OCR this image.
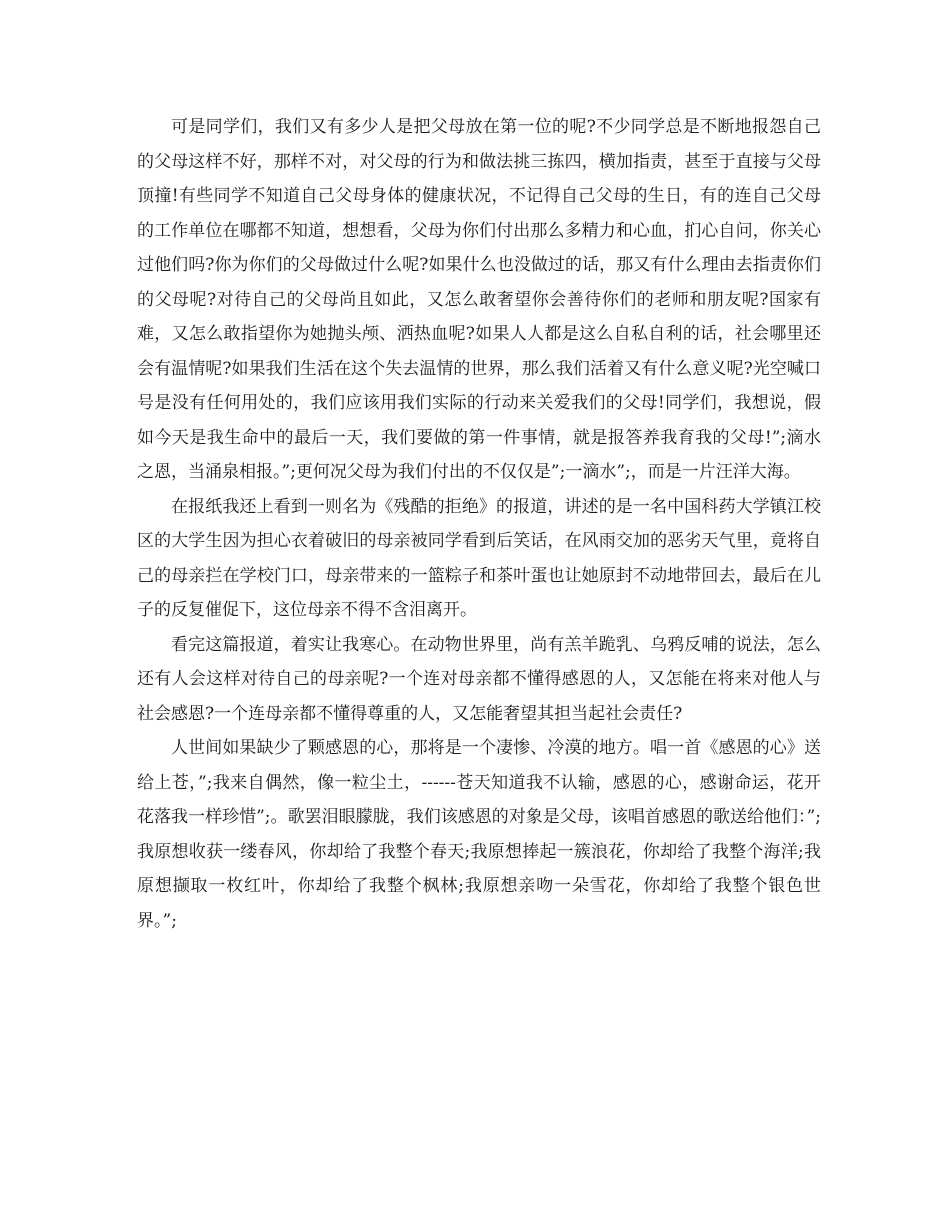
可是同学们，我们又有多少人是把父母放在第一位的呢?不少同学总是不断地报怨自己的父母这样不好，那样不对，对父母的行为和做法挑三拣四，横加指责，甚至于直接与父母顶撞!有些同学不知道自己父母身体的健康状况，不记得自己父母的生日，有的连自己父母的工作单位在哪都不知道，想想看，父母为你们付出那么多精力和心血，扪心自问，你关心过他们吗?你为你们的父母做过什么呢?如果什么也没做过的话，那又有什么理由去指责你们的父母呢?对待自己的父母尚且如此，又怎么敢奢望你会善待你们的老师和朋友呢?国家有难，又怎么敢指望你为她抛头颅、洒热血呢?如果人人都是这么自私自利的话，社会哪里还会有温情呢?如果我们生活在这个失去温情的世界，那么我们活着又有什么意义呢?光空喊口号是没有任何用处的，我们应该用我们实际的行动来关爱我们的父母!同学们，我想说，假如今天是我生命中的最后一天，我们要做的第一件事情，就是报答养我育我的父母!”;滴水之恩，当涌泉相报。”;更何况父母为我们付出的不仅仅是”;一滴水”;，而是一片汪洋大海。

在报纸我还上看到一则名为《残酷的拒绝》的报道，讲述的是一名中国科药大学镇江校区的大学生因为担心衣着破旧的母亲被同学看到后笑话，在风雨交加的恶劣天气里，竟将自己的母亲拦在学校门口，母亲带来的一篮粽子和茶叶蛋也让她原封不动地带回去，最后在儿子的反复催促下，这位母亲不得不含泪离开。

看完这篇报道，着实让我寒心。在动物世界里，尚有羔羊跪乳、乌鸦反哺的说法，怎么还有人会这样对待自己的母亲呢?一个连对母亲都不懂得感恩的人，又怎能在将来对他人与社会感恩?一个连母亲都不懂得尊重的人，又怎能奢望其担当起社会责任?

人世间如果缺少了颗感恩的心，那将是一个凄惨、冷漠的地方。唱一首《感恩的心》送给上苍，”;我来自偶然，像一粒尘土，------苍天知道我不认输，感恩的心，感谢命运，花开花落我一样珍惜”;。歌罢泪眼朦胧，我们该感恩的对象是父母，该唱首感恩的歌送给他们：”;我原想收获一缕春风，你却给了我整个春天;我原想捧起一簇浪花，你却给了我整个海洋;我原想撷取一枚红叶，你却给了我整个枫林;我原想亲吻一朵雪花，你却给了我整个银色世界。”;
